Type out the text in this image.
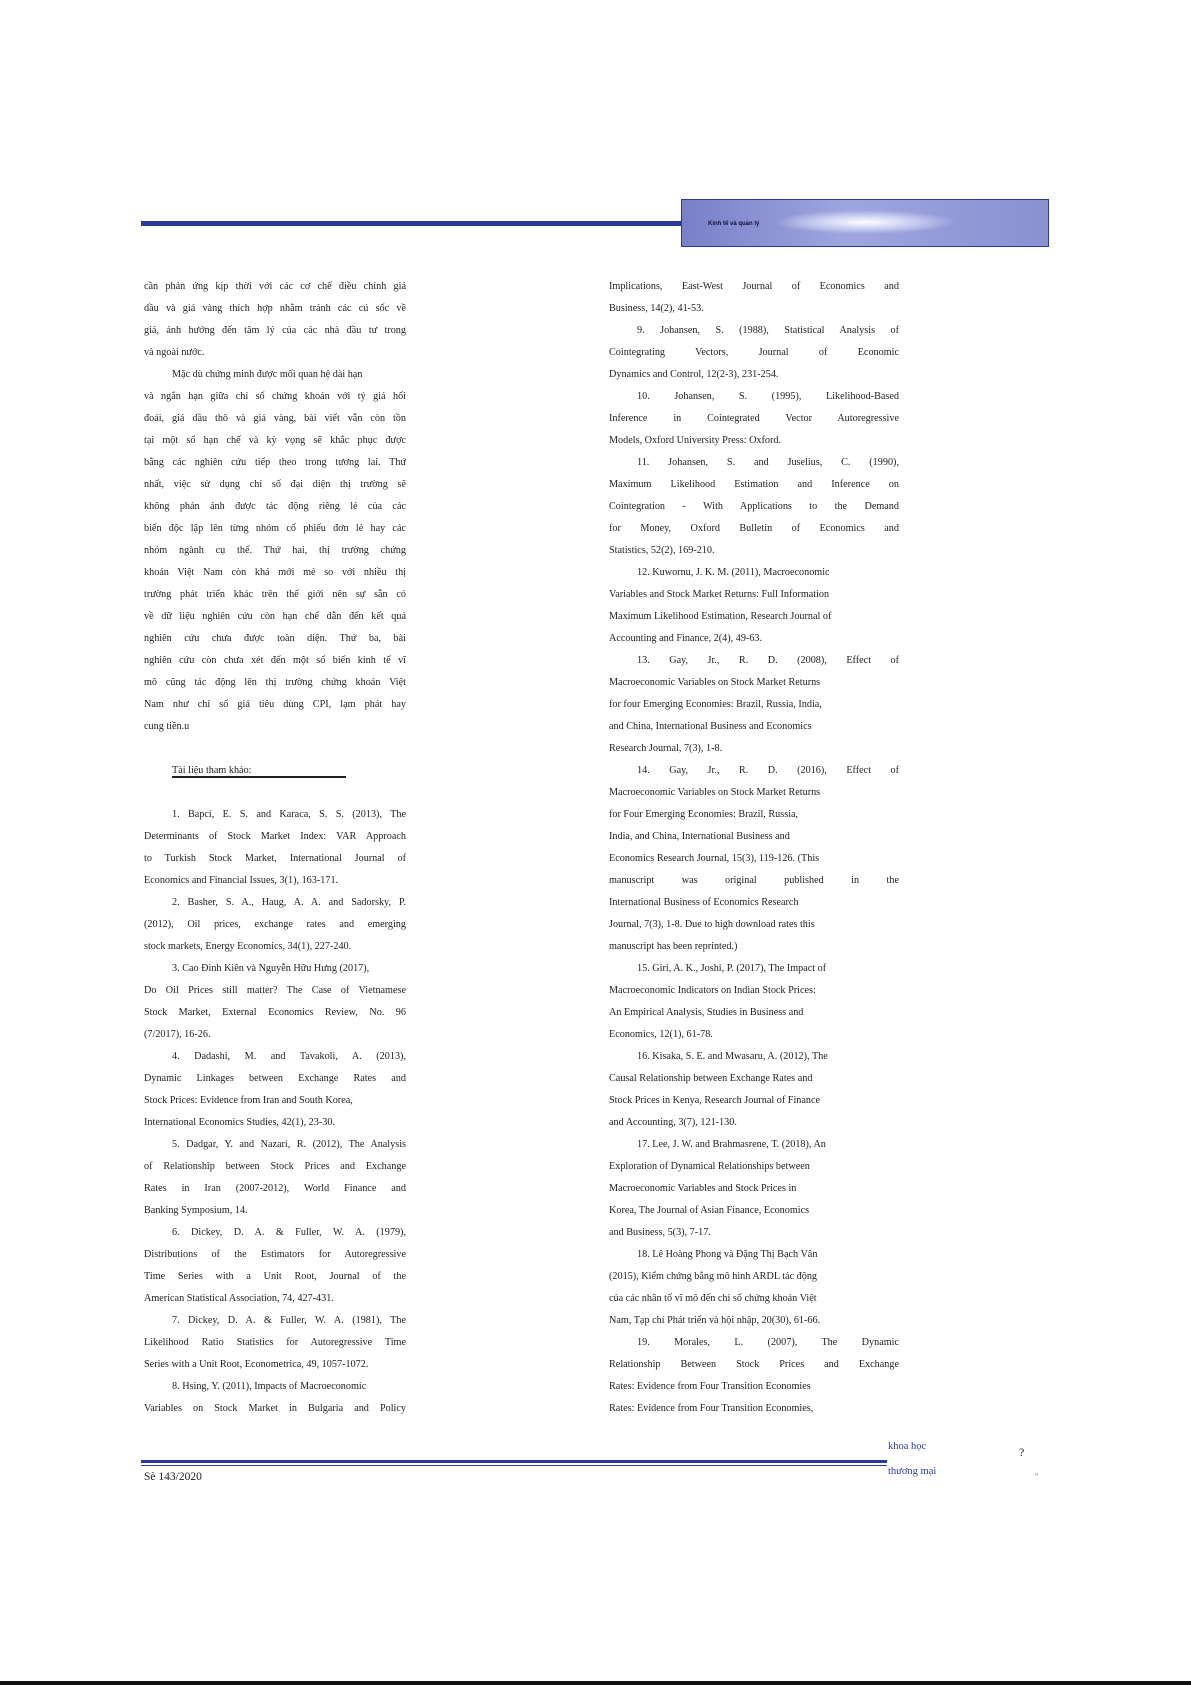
Kinh tế và quản lý
cần phản ứng kịp thời với các cơ chế điều chỉnh giá
dầu và giá vàng thích hợp nhằm tránh các cú sốc về
giá, ảnh hưởng đến tâm lý của các nhà đầu tư trong
và ngoài nước.
Mặc dù chứng minh được mối quan hệ dài hạn
và ngắn hạn giữa chỉ số chứng khoán với tỷ giá hối
đoái, giá dầu thô và giá vàng, bài viết vẫn còn tồn
tại một số hạn chế và kỳ vọng sẽ khắc phục được
bằng các nghiên cứu tiếp theo trong tương lai. Thứ
nhất, việc sử dụng chỉ số đại diện thị trường sẽ
không phản ánh được tác động riêng lẻ của các
biến độc lập lên từng nhóm cổ phiếu đơn lẻ hay các
nhóm ngành cụ thể. Thứ hai, thị trường chứng
khoán Việt Nam còn khá mới mẻ so với nhiều thị
trường phát triển khác trên thế giới nên sự sẵn có
về dữ liệu nghiên cứu còn hạn chế dẫn đến kết quả
nghiên cứu chưa được toàn diện. Thứ ba, bài
nghiên cứu còn chưa xét đến một số biến kinh tế vĩ
mô cũng tác động lên thị trường chứng khoán Việt
Nam như chỉ số giá tiêu dùng CPI, lạm phát hay
cung tiền.u
Tài liệu tham khảo:
1. Bapci, E. S. and Karaca, S. S. (2013), The
Determinants of Stock Market Index: VAR Approach
to Turkish Stock Market, International Journal of
Economics and Financial Issues, 3(1), 163-171.
2. Basher, S. A., Haug, A. A. and Sadorsky, P.
(2012), Oil prices, exchange rates and emerging
stock markets, Energy Economics, 34(1), 227-240.
3. Cao Đình Kiên và Nguyễn Hữu Hưng (2017),
Do Oil Prices still matter? The Case of Vietnamese
Stock Market, External Economics Review, No. 96
(7/2017), 16-26.
4. Dadashi, M. and Tavakoli, A. (2013),
Dynamic Linkages between Exchange Rates and
Stock Prices: Evidence from Iran and South Korea,
International Economics Studies, 42(1), 23-30.
5. Dadgar, Y. and Nazari, R. (2012), The Analysis
of Relationship between Stock Prices and Exchange
Rates in Iran (2007-2012), World Finance and
Banking Symposium, 14.
6. Dickey, D. A. & Fuller, W. A. (1979),
Distributions of the Estimators for Autoregressive
Time Series with a Unit Root, Journal of the
American Statistical Association, 74, 427-431.
7. Dickey, D. A. & Fuller, W. A. (1981), The
Likelihood Ratio Statistics for Autoregressive Time
Series with a Unit Root, Econometrica, 49, 1057-1072.
8. Hsing, Y. (2011), Impacts of Macroeconomic
Variables on Stock Market in Bulgaria and Policy
Implications, East-West Journal of Economics and
Business, 14(2), 41-53.
9. Johansen, S. (1988), Statistical Analysis of
Cointegrating Vectors, Journal of Economic
Dynamics and Control, 12(2-3), 231-254.
10. Johansen, S. (1995), Likelihood-Based
Inference in Cointegrated Vector Autoregressive
Models, Oxford University Press: Oxford.
11. Johansen, S. and Juselius, C. (1990),
Maximum Likelihood Estimation and Inference on
Cointegration - With Applications to the Demand
for Money, Oxford Bulletin of Economics and
Statistics, 52(2), 169-210.
12. Kuwornu, J. K. M. (2011), Macroeconomic
Variables and Stock Market Returns: Full Information
Maximum Likelihood Estimation, Research Journal of
Accounting and Finance, 2(4), 49-63.
13. Gay, Jr., R. D. (2008), Effect of
Macroeconomic Variables on Stock Market Returns
for four Emerging Economies: Brazil, Russia, India,
and China, International Business and Economics
Research Journal, 7(3), 1-8.
14. Gay, Jr., R. D. (2016), Effect of
Macroeconomic Variables on Stock Market Returns
for Four Emerging Economies: Brazil, Russia,
India, and China, International Business and
Economics Research Journal, 15(3), 119-126. (This
manuscript was original published in the
International Business of Economics Research
Journal, 7(3), 1-8. Due to high download rates this
manuscript has been reprinted.)
15. Giri, A. K., Joshi, P. (2017), The Impact of
Macroeconomic Indicators on Indian Stock Prices:
An Empirical Analysis, Studies in Business and
Economics, 12(1), 61-78.
16. Kisaka, S. E. and Mwasaru, A. (2012), The
Causal Relationship between Exchange Rates and
Stock Prices in Kenya, Research Journal of Finance
and Accounting, 3(7), 121-130.
17. Lee, J. W. and Brahmasrene, T. (2018), An
Exploration of Dynamical Relationships between
Macroeconomic Variables and Stock Prices in
Korea, The Journal of Asian Finance, Economics
and Business, 5(3), 7-17.
18. Lê Hoàng Phong và Đặng Thị Bạch Vân
(2015), Kiểm chứng bằng mô hình ARDL tác động
của các nhân tố vĩ mô đến chỉ số chứng khoán Việt
Nam, Tạp chí Phát triển và hội nhập, 20(30), 61-66.
19. Morales, L. (2007), The Dynamic
Relationship Between Stock Prices and Exchange
Rates: Evidence from Four Transition Economies
Rates: Evidence from Four Transition Economies,
khoa học
thương mại
Sè 143/2020
?
"
